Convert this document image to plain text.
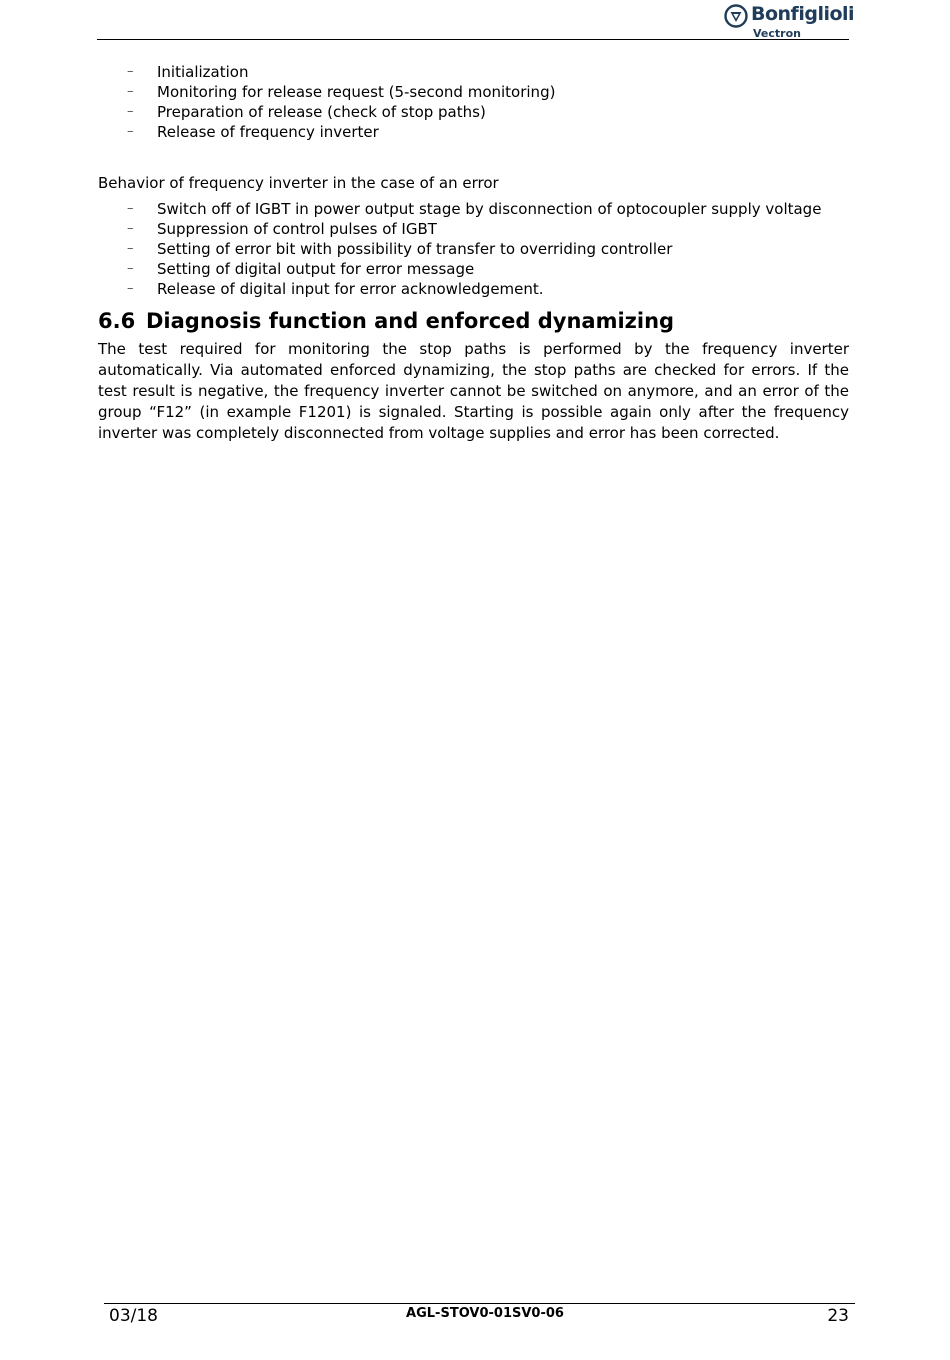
Bonfiglioli
Vectron
– Initialization
– Monitoring for release request (5-second monitoring)
– Preparation of release (check of stop paths)
– Release of frequency inverter
Behavior of frequency inverter in the case of an error
– Switch off of IGBT in power output stage by disconnection of optocoupler supply voltage
– Suppression of control pulses of IGBT
– Setting of error bit with possibility of transfer to overriding controller
– Setting of digital output for error message
– Release of digital input for error acknowledgement.
6.6 Diagnosis function and enforced dynamizing

The test required for monitoring the stop paths is performed by the frequency inverter automatically. Via automated enforced dynamizing, the stop paths are checked for errors. If the test result is negative, the frequency inverter cannot be switched on anymore, and an error of the group “F12” (in example F1201) is signaled. Starting is possible again only after the frequency inverter was completely disconnected from voltage supplies and error has been corrected.

03/18	AGL-STOV0-01SV0-06	23
